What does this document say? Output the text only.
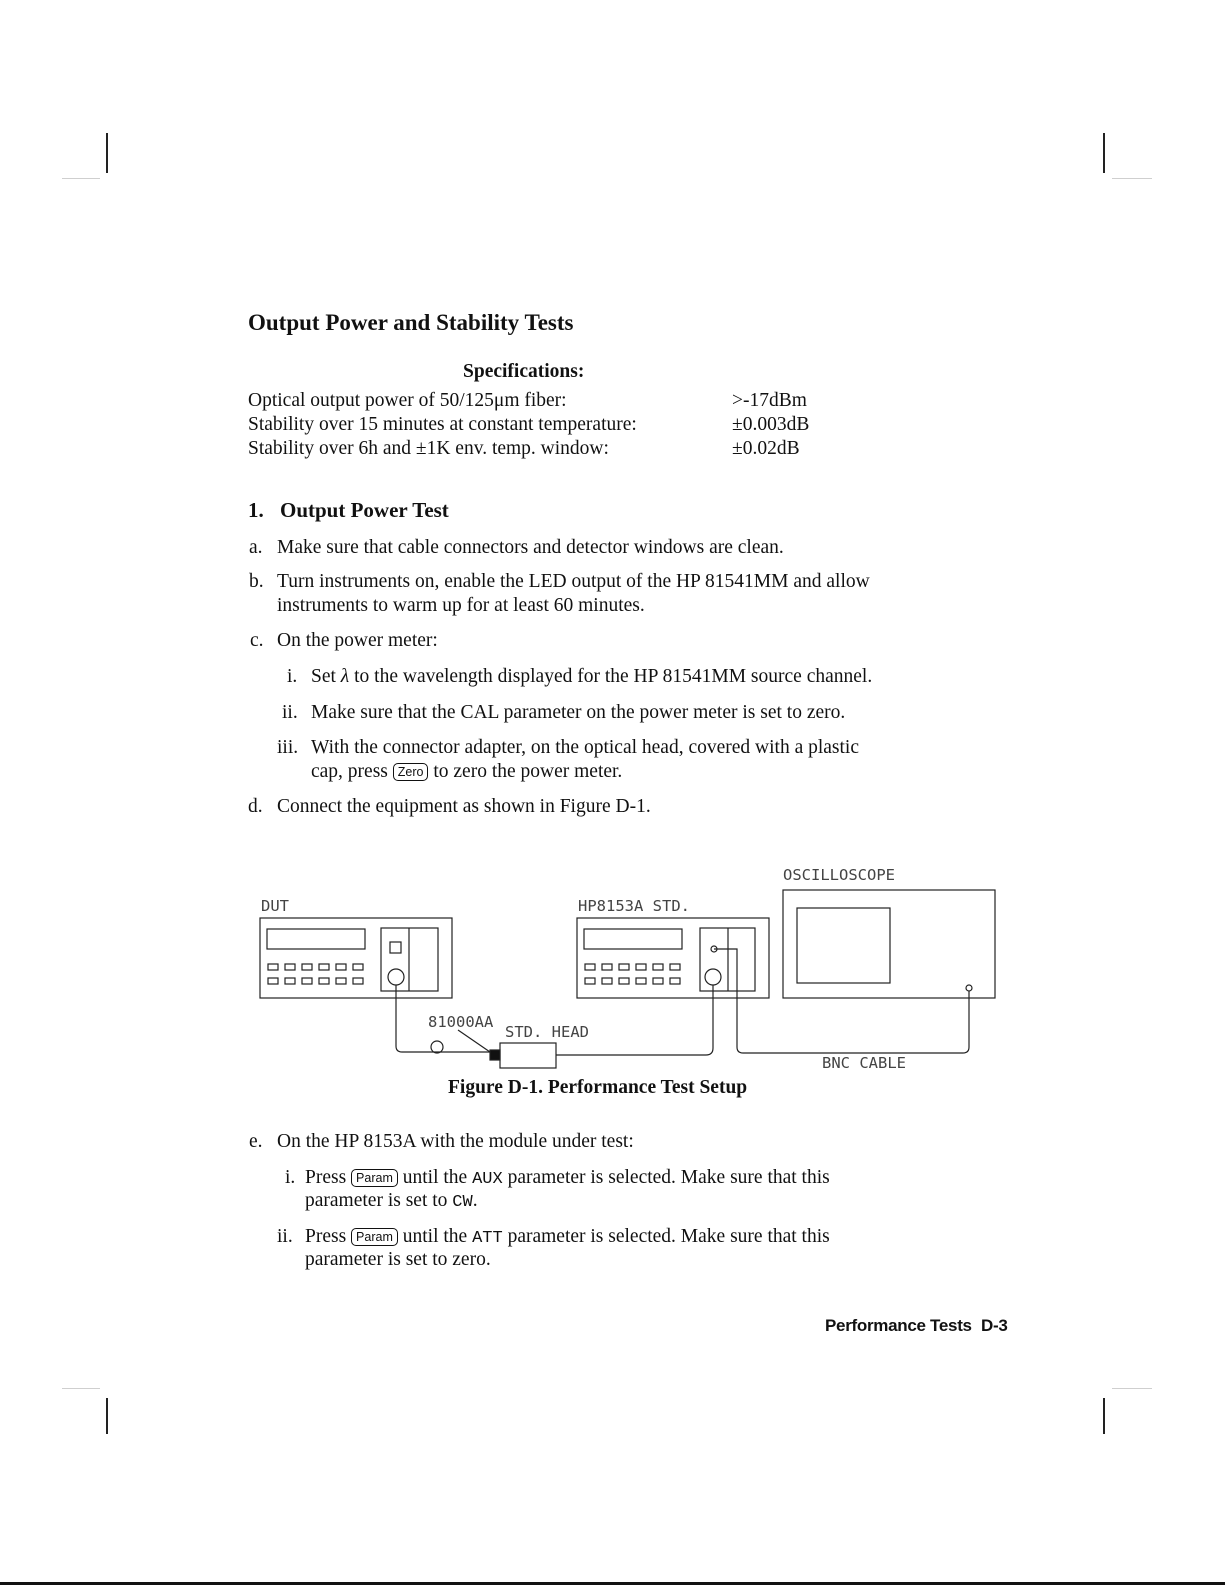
Output Power and Stability Tests
Specifications:
Optical output power of 50/125μm fiber:	>-17dBm
Stability over 15 minutes at constant temperature:	±0.003dB
Stability over 6h and ±1K env. temp. window:	±0.02dB
1. Output Power Test
a. Make sure that cable connectors and detector windows are clean.
b. Turn instruments on, enable the LED output of the HP 81541MM and allow
instruments to warm up for at least 60 minutes.
c. On the power meter:
i. Set λ to the wavelength displayed for the HP 81541MM source channel.
ii. Make sure that the CAL parameter on the power meter is set to zero.
iii. With the connector adapter, on the optical head, covered with a plastic
cap, press Zero to zero the power meter.
d. Connect the equipment as shown in Figure D-1.
DUT	HP8153A STD.
OSCILLOSCOPE
81000AA
STD. HEAD
BNC CABLE
Figure D-1. Performance Test Setup
e. On the HP 8153A with the module under test:
i. Press Param until the AUX parameter is selected. Make sure that this
parameter is set to CW.
ii. Press Param until the ATT parameter is selected. Make sure that this
parameter is set to zero.
Performance Tests D-3
